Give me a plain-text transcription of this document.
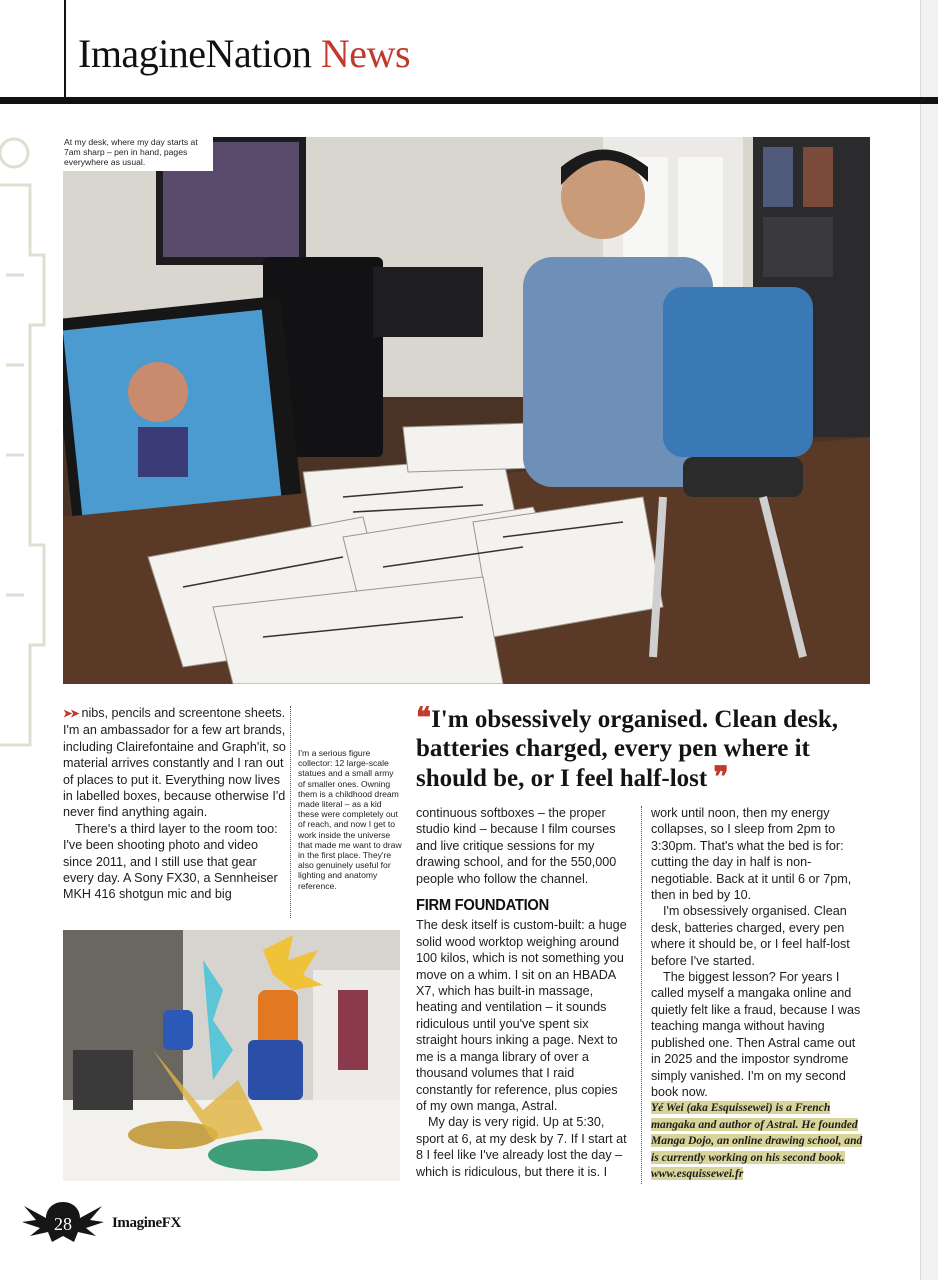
ImagineNation News
At my desk, where my day starts at 7am sharp – pen in hand, pages everywhere as usual.

➤➤ nibs, pencils and screentone sheets. I'm an ambassador for a few art brands, including Clairefontaine and Graph'it, so material arrives constantly and I ran out of places to put it. Everything now lives in labelled boxes, because otherwise I'd never find anything again.

There's a third layer to the room too: I've been shooting photo and video since 2011, and I still use that gear every day. A Sony FX30, a Sennheiser MKH 416 shotgun mic and big

I'm a serious figure collector: 12 large-scale statues and a small army of smaller ones. Owning them is a childhood dream made literal – as a kid these were completely out of reach, and now I get to work inside the universe that made me want to draw in the first place. They're also genuinely useful for lighting and anatomy reference.
❝I'm obsessively organised. Clean desk, batteries charged, every pen where it should be, or I feel half-lost ❞

continuous softboxes – the proper studio kind – because I film courses and live critique sessions for my drawing school, and for the 550,000 people who follow the channel.

FIRM FOUNDATION

The desk itself is custom-built: a huge solid wood worktop weighing around 100 kilos, which is not something you move on a whim. I sit on an HBADA X7, which has built-in massage, heating and ventilation – it sounds ridiculous until you've spent six straight hours inking a page. Next to me is a manga library of over a thousand volumes that I raid constantly for reference, plus copies of my own manga, Astral.

My day is very rigid. Up at 5:30, sport at 6, at my desk by 7. If I start at 8 I feel like I've already lost the day – which is ridiculous, but there it is. I

work until noon, then my energy collapses, so I sleep from 2pm to 3:30pm. That's what the bed is for: cutting the day in half is non-negotiable. Back at it until 6 or 7pm, then in bed by 10.

I'm obsessively organised. Clean desk, batteries charged, every pen where it should be, or I feel half-lost before I've started.

The biggest lesson? For years I called myself a mangaka online and quietly felt like a fraud, because I was teaching manga without having published one. Then Astral came out in 2025 and the impostor syndrome simply vanished. I'm on my second book now.

Yé Wei (aka Esquissewei) is a French mangaka and author of Astral. He founded Manga Dojo, an online drawing school, and is currently working on his second book. www.esquissewei.fr

28	ImagineFX
